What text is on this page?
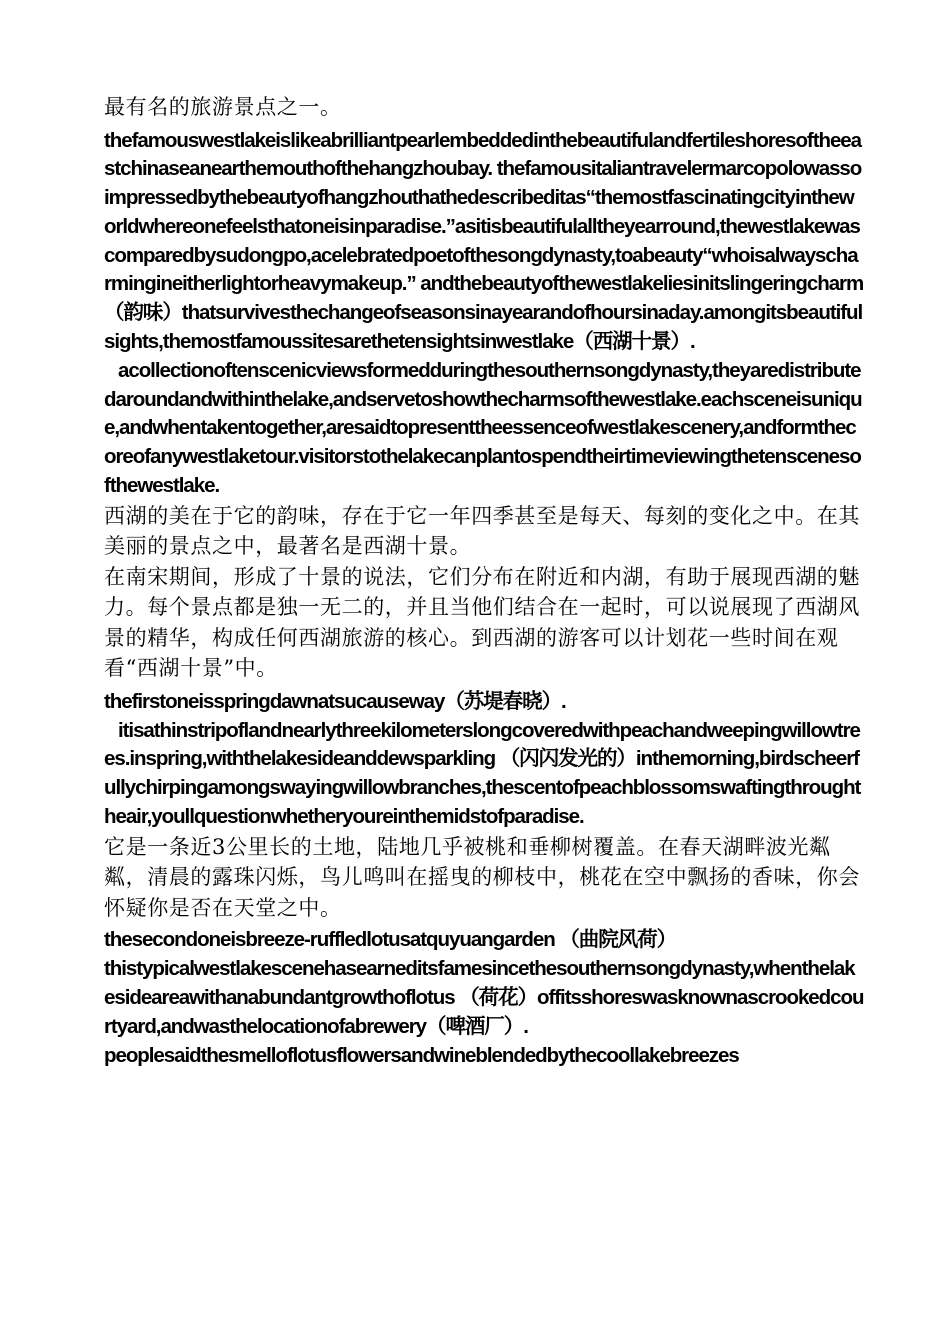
最有名的旅游景点之一。

thefamouswestlakeislikeabrilliantpearlembeddedinthebeautifulandfertileshoresoftheeastchinaseanearthemouthofthehangzhoubay. thefamousitaliantravelermarcopolowassoimpressedbythebeautyofhangzhouthathedescribeditas“themostfascinatingcityintheworldwhereonefeelsthatoneisinparadise.”asitisbeautifulalltheyearround,thewestlakewascomparedbysudongpo,acelebratedpoetofthesongdynasty,toabeauty“whoisalwayscharmingineitherlightorheavymakeup.” andthebeautyofthewestlakeliesinitslingeringcharm（韵味）thatsurvivesthechangeofseasonsinayearandofhoursinaday.amongitsbeautifulsights,themostfamoussitesarethetensightsinwestlake（西湖十景）.

acollectionoftenscenicviewsformedduringthesouthernsongdynasty,theyaredistributedaroundandwithinthelake,andservetoshowthecharmsofthewestlake.eachsceneisunique,andwhentakentogether,aresaidtopresenttheessenceofwestlakescenery,andformthecoreofanywestlaketour.visitorstothelakecanplantospendtheirtimeviewingthetenscenesofthewestlake.

西湖的美在于它的韵味，存在于它一年四季甚至是每天、每刻的变化之中。在其美丽的景点之中，最著名是西湖十景。

在南宋期间，形成了十景的说法，它们分布在附近和内湖，有助于展现西湖的魅力。每个景点都是独一无二的，并且当他们结合在一起时，可以说展现了西湖风景的精华，构成任何西湖旅游的核心。到西湖的游客可以计划花一些时间在观看“西湖十景”中。

thefirstoneisspringdawnatsucauseway（苏堤春晓）.

itisathinstripoflandnearlythreekilometerslongcoveredwithpeachandweepingwillowtrees.inspring,withthelakesideanddewsparkling （闪闪发光的）inthemorning,birdscheerfullychirpingamongswayingwillowbranches,thescentofpeachblossomswaftingthroughtheair,youllquestionwhetheryoureinthemidstofparadise.

它是一条近3公里长的土地，陆地几乎被桃和垂柳树覆盖。在春天湖畔波光粼粼，清晨的露珠闪烁，鸟儿鸣叫在摇曳的柳枝中，桃花在空中飘扬的香味，你会怀疑你是否在天堂之中。

thesecondoneisbreeze-ruffledlotusatquyuangarden （曲院风荷）

thistypicalwestlakescenehasearneditsfamesincethesouthernsongdynasty,whenthelakesideareawithanabundantgrowthoflotus （荷花）offitsshoreswasknownascrookedcourtyard,andwasthelocationofabrewery（啤酒厂）.

peoplesaidthesmelloflotusflowersandwineblendedbythecoollakebreezes
